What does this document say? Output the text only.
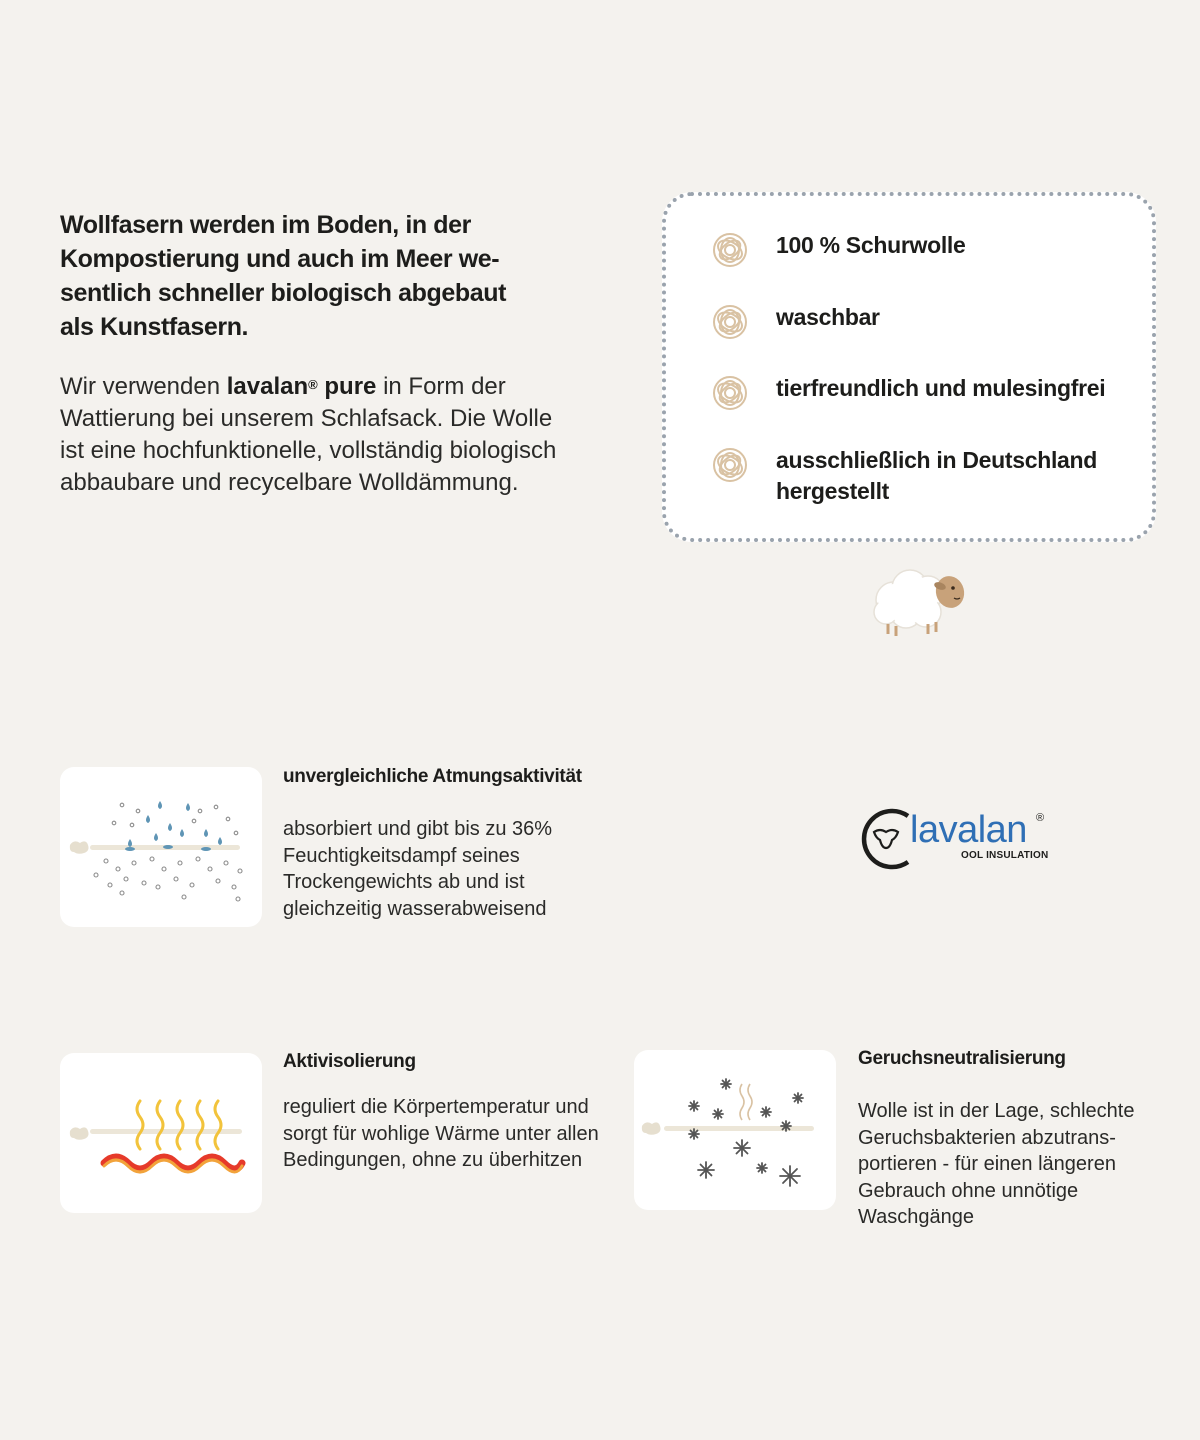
Wollfasern werden im Boden, in der Kompostierung und auch im Meer wesentlich schneller biologisch abgebaut als Kunstfasern.
Wir verwenden lavalan® pure in Form der Wattierung bei unserem Schlafsack. Die Wolle ist eine hochfunktionelle, vollständig biologisch abbaubare und recycelbare Wolldämmung.
100 % Schurwolle
waschbar
tierfreundlich und mulesingfrei
ausschließlich in Deutschland hergestellt
unvergleichliche Atmungsaktivität
absorbiert und gibt bis zu 36% Feuchtigkeitsdampf seines Trockengewichts ab und ist gleichzeitig wasserabweisend
lavalan ®
OOL INSULATION
Aktivisolierung
reguliert die Körpertemperatur und sorgt für wohlige Wärme unter allen Bedingungen, ohne zu überhitzen
Geruchsneutralisierung
Wolle ist in der Lage, schlechte Geruchsbakterien abzutransportieren - für einen längeren Gebrauch ohne unnötige Waschgänge
